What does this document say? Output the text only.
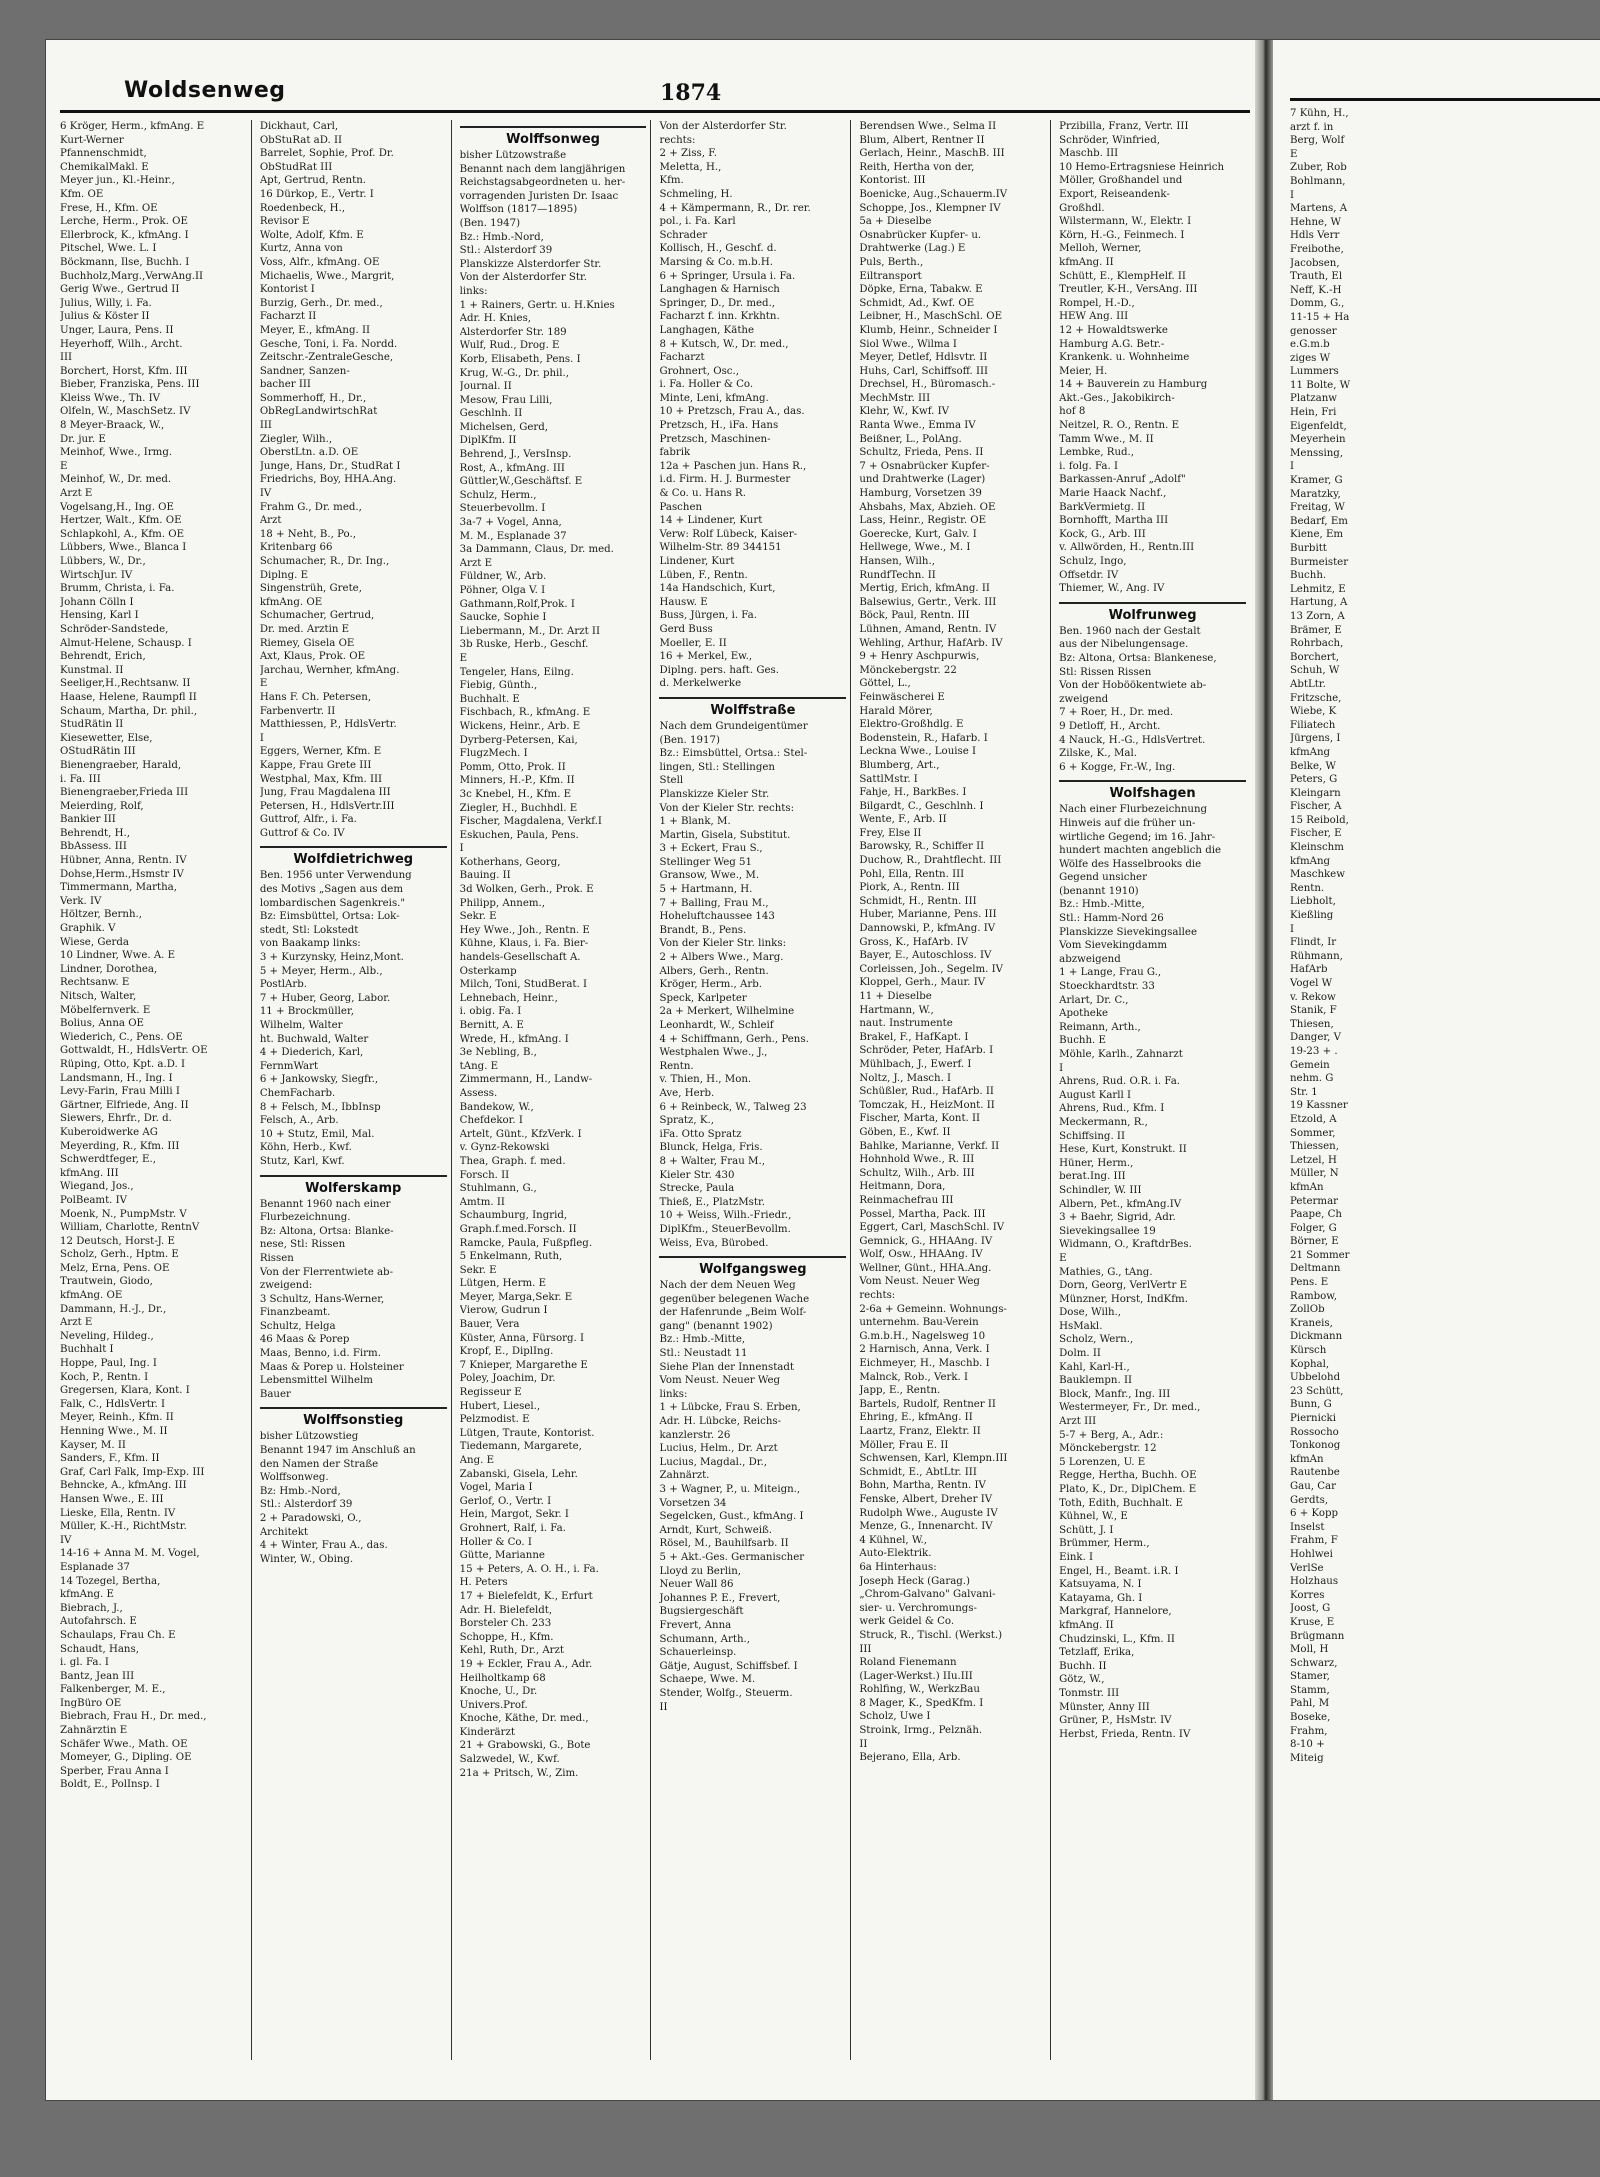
Woldsenweg	1874
6 Kröger, Herm., kfmAng. E
Kurt-Werner
Pfannenschmidt,
ChemikalMakl. E
Meyer jun., Kl.-Heinr.,
Kfm. OE
Frese, H., Kfm. OE
Lerche, Herm., Prok. OE
Ellerbrock, K., kfmAng. I
Pitschel, Wwe. L. I
Böckmann, Ilse, Buchh. I
Buchholz,Marg.,VerwAng.II
Gerig Wwe., Gertrud II
Julius, Willy, i. Fa.
Julius & Köster II
Unger, Laura, Pens. II
Heyerhoff, Wilh., Archt.
III
Borchert, Horst, Kfm. III
Bieber, Franziska, Pens. III
Kleiss Wwe., Th. IV
Olfeln, W., MaschSetz. IV
8 Meyer-Braack, W.,
Dr. jur. E
Meinhof, Wwe., Irmg.
E
Meinhof, W., Dr. med.
Arzt E
Vogelsang,H., Ing. OE
Hertzer, Walt., Kfm. OE
Schlapkohl, A., Kfm. OE
Lübbers, Wwe., Blanca I
Lübbers, W., Dr.,
WirtschJur. IV
Brumm, Christa, i. Fa.
Johann Cölln I
Hensing, Karl I
Schröder-Sandstede,
Almut-Helene, Schausp. I
Behrendt, Erich,
Kunstmal. II
Seeliger,H.,Rechtsanw. II
Haase, Helene, Raumpfl II
Schaum, Martha, Dr. phil.,
StudRätin II
Kiesewetter, Else,
OStudRätin III
Bienengraeber, Harald,
i. Fa. III
Bienengraeber,Frieda III
Meierding, Rolf,
Bankier III
Behrendt, H.,
BbAssess. III
Hübner, Anna, Rentn. IV
Dohse,Herm.,Hsmstr IV
Timmermann, Martha,
Verk. IV
Höltzer, Bernh.,
Graphik. V
Wiese, Gerda
10 Lindner, Wwe. A. E
Lindner, Dorothea,
Rechtsanw. E
Nitsch, Walter,
Möbelfernverk. E
Bolius, Anna OE
Wiederich, C., Pens. OE
Gottwaldt, H., HdlsVertr. OE
Rüping, Otto, Kpt. a.D. I
Landsmann, H., Ing. I
Levy-Farin, Frau Milli I
Gärtner, Elfriede, Ang. II
Siewers, Ehrfr., Dr. d.
Kuberoidwerke AG
Meyerding, R., Kfm. III
Schwerdtfeger, E.,
kfmAng. III
Wiegand, Jos.,
PolBeamt. IV
Moenk, N., PumpMstr. V
William, Charlotte, RentnV
12 Deutsch, Horst-J. E
Scholz, Gerh., Hptm. E
Melz, Erna, Pens. OE
Trautwein, Giodo,
kfmAng. OE
Dammann, H.-J., Dr.,
Arzt E
Neveling, Hildeg.,
Buchhalt I
Hoppe, Paul, Ing. I
Koch, P., Rentn. I
Gregersen, Klara, Kont. I
Falk, C., HdlsVertr. I
Meyer, Reinh., Kfm. II
Henning Wwe., M. II
Kayser, M. II
Sanders, F., Kfm. II
Graf, Carl Falk, Imp-Exp. III
Behncke, A., kfmAng. III
Hansen Wwe., E. III
Lieske, Ella, Rentn. IV
Müller, K.-H., RichtMstr.
IV
14-16 + Anna M. M. Vogel,
Esplanade 37
14 Tozegel, Bertha,
kfmAng. E
Biebrach, J.,
Autofahrsch. E
Schaulaps, Frau Ch. E
Schaudt, Hans,
i. gl. Fa. I
Bantz, Jean III
Falkenberger, M. E.,
IngBüro OE
Biebrach, Frau H., Dr. med.,
Zahnärztin E
Schäfer Wwe., Math. OE
Momeyer, G., Dipling. OE
Sperber, Frau Anna I
Boldt, E., PolInsp. I
Dickhaut, Carl,
ObStuRat aD. II
Barrelet, Sophie, Prof. Dr.
ObStudRat III
Apt, Gertrud, Rentn.
16 Dürkop, E., Vertr. I
Roedenbeck, H.,
Revisor E
Wolte, Adolf, Kfm. E
Kurtz, Anna von
Voss, Alfr., kfmAng. OE
Michaelis, Wwe., Margrit,
Kontorist I
Burzig, Gerh., Dr. med.,
Facharzt II
Meyer, E., kfmAng. II
Gesche, Toni, i. Fa. Nordd.
Zeitschr.-ZentraleGesche,
Sandner, Sanzen-
bacher III
Sommerhoff, H., Dr.,
ObRegLandwirtschRat
III
Ziegler, Wilh.,
OberstLtn. a.D. OE
Junge, Hans, Dr., StudRat I
Friedrichs, Boy, HHA.Ang.
IV
Frahm G., Dr. med.,
Arzt
18 + Neht, B., Po.,
Kritenbarg 66
Schumacher, R., Dr. Ing.,
Diplng. E
Singenstrüh, Grete,
kfmAng. OE
Schumacher, Gertrud,
Dr. med. Arztin E
Riemey, Gisela OE
Axt, Klaus, Prok. OE
Jarchau, Wernher, kfmAng.
E
Hans F. Ch. Petersen,
Farbenvertr. II
Matthiessen, P., HdlsVertr.
I
Eggers, Werner, Kfm. E
Kappe, Frau Grete III
Westphal, Max, Kfm. III
Jung, Frau Magdalena III
Petersen, H., HdlsVertr.III
Guttrof, Alfr., i. Fa.
Guttrof & Co. IV
Wolfdietrichweg
Ben. 1956 unter Verwendung
des Motivs „Sagen aus dem
lombardischen Sagenkreis."
Bz: Eimsbüttel, Ortsa: Lok-
stedt, Stl: Lokstedt
von Baakamp links:
3 + Kurzynsky, Heinz,Mont.
5 + Meyer, Herm., Alb.,
PostlArb.
7 + Huber, Georg, Labor.
11 + Brockmüller,
Wilhelm, Walter
ht. Buchwald, Walter
4 + Diederich, Karl,
FernmWart
6 + Jankowsky, Siegfr.,
ChemFacharb.
8 + Felsch, M., IbbInsp
Felsch, A., Arb.
10 + Stutz, Emil, Mal.
Köhn, Herb., Kwf.
Stutz, Karl, Kwf.
Wolferskamp
Benannt 1960 nach einer
Flurbezeichnung.
Bz: Altona, Ortsa: Blanke-
nese, Stl: Rissen
Rissen
Von der Flerrentwiete ab-
zweigend:
3 Schultz, Hans-Werner,
Finanzbeamt.
Schultz, Helga
46 Maas & Porep
Maas, Benno, i.d. Firm.
Maas & Porep u. Holsteiner
Lebensmittel Wilhelm
Bauer
Wolffsonstieg
bisher Lützowstieg
Benannt 1947 im Anschluß an
den Namen der Straße
Wolffsonweg.
Bz: Hmb.-Nord,
Stl.: Alsterdorf 39
2 + Paradowski, O.,
Architekt
4 + Winter, Frau A., das.
Winter, W., Obing.
Wolffsonweg
bisher Lützowstraße
Benannt nach dem langjährigen
Reichstagsabgeordneten u. her-
vorragenden Juristen Dr. Isaac
Wolffson (1817—1895)
(Ben. 1947)
Bz.: Hmb.-Nord,
Stl.: Alsterdorf 39
Planskizze Alsterdorfer Str.
Von der Alsterdorfer Str.
links:
1 + Rainers, Gertr. u. H.Knies
Adr. H. Knies,
Alsterdorfer Str. 189
Wulf, Rud., Drog. E
Korb, Elisabeth, Pens. I
Krug, W.-G., Dr. phil.,
Journal. II
Mesow, Frau Lilli,
Geschlnh. II
Michelsen, Gerd,
DiplKfm. II
Behrend, J., VersInsp.
Rost, A., kfmAng. III
Güttler,W.,Geschäftsf. E
Schulz, Herm.,
Steuerbevollm. I
3a-7 + Vogel, Anna,
M. M., Esplanade 37
3a Dammann, Claus, Dr. med.
Arzt E
Füldner, W., Arb.
Pöhner, Olga V. I
Gathmann,Rolf,Prok. I
Saucke, Sophie I
Liebermann, M., Dr. Arzt II
3b Ruske, Herb., Geschf.
E
Tengeler, Hans, Eilng.
Fiebig, Günth.,
Buchhalt. E
Fischbach, R., kfmAng. E
Wickens, Heinr., Arb. E
Dyrberg-Petersen, Kai,
FlugzMech. I
Pomm, Otto, Prok. II
Minners, H.-P., Kfm. II
3c Knebel, H., Kfm. E
Ziegler, H., Buchhdl. E
Fischer, Magdalena, Verkf.I
Eskuchen, Paula, Pens.
I
Kotherhans, Georg,
Bauing. II
3d Wolken, Gerh., Prok. E
Philipp, Annem.,
Sekr. E
Hey Wwe., Joh., Rentn. E
Kühne, Klaus, i. Fa. Bier-
handels-Gesellschaft A.
Osterkamp
Milch, Toni, StudBerat. I
Lehnebach, Heinr.,
i. obig. Fa. I
Bernitt, A. E
Wrede, H., kfmAng. I
3e Nebling, B.,
tAng. E
Zimmermann, H., Landw-
Assess.
Bandekow, W.,
Chefdekor. I
Artelt, Günt., KfzVerk. I
v. Gynz-Rekowski
Thea, Graph. f. med.
Forsch. II
Stuhlmann, G.,
Amtm. II
Schaumburg, Ingrid,
Graph.f.med.Forsch. II
Ramcke, Paula, Fußpfleg.
5 Enkelmann, Ruth,
Sekr. E
Lütgen, Herm. E
Meyer, Marga,Sekr. E
Vierow, Gudrun I
Bauer, Vera
Küster, Anna, Fürsorg. I
Kropf, E., DiplIng.
7 Knieper, Margarethe E
Poley, Joachim, Dr.
Regisseur E
Hubert, Liesel.,
Pelzmodist. E
Lütgen, Traute, Kontorist.
Tiedemann, Margarete,
Ang. E
Zabanski, Gisela, Lehr.
Vogel, Maria I
Gerlof, O., Vertr. I
Hein, Margot, Sekr. I
Grohnert, Ralf, i. Fa.
Holler & Co. I
Gütte, Marianne
15 + Peters, A. O. H., i. Fa.
H. Peters
17 + Bielefeldt, K., Erfurt
Adr. H. Bielefeldt,
Borsteler Ch. 233
Schoppe, H., Kfm.
Kehl, Ruth, Dr., Arzt
19 + Eckler, Frau A., Adr.
Heilholtkamp 68
Knoche, U., Dr.
Univers.Prof.
Knoche, Käthe, Dr. med.,
Kinderärzt
21 + Grabowski, G., Bote
Salzwedel, W., Kwf.
21a + Pritsch, W., Zim.
Von der Alsterdorfer Str.
rechts:
2 + Ziss, F.
Meletta, H.,
Kfm.
Schmeling, H.
4 + Kämpermann, R., Dr. rer.
pol., i. Fa. Karl
Schrader
Kollisch, H., Geschf. d.
Marsing & Co. m.b.H.
6 + Springer, Ursula i. Fa.
Langhagen & Harnisch
Springer, D., Dr. med.,
Facharzt f. inn. Krkhtn.
Langhagen, Käthe
8 + Kutsch, W., Dr. med.,
Facharzt
Grohnert, Osc.,
i. Fa. Holler & Co.
Minte, Leni, kfmAng.
10 + Pretzsch, Frau A., das.
Pretzsch, H., iFa. Hans
Pretzsch, Maschinen-
fabrik
12a + Paschen jun. Hans R.,
i.d. Firm. H. J. Burmester
& Co. u. Hans R.
Paschen
14 + Lindener, Kurt
Verw: Rolf Lübeck, Kaiser-
Wilhelm-Str. 89 344151
Lindener, Kurt
Lüben, F., Rentn.
14a Handschich, Kurt,
Hausw. E
Buss, Jürgen, i. Fa.
Gerd Buss
Moeller, E. II
16 + Merkel, Ew.,
Diplng. pers. haft. Ges.
d. Merkelwerke
Wolffstraße
Nach dem Grundeigentümer
(Ben. 1917)
Bz.: Eimsbüttel, Ortsa.: Stel-
lingen, Stl.: Stellingen
Stell
Planskizze Kieler Str.
Von der Kieler Str. rechts:
1 + Blank, M.
Martin, Gisela, Substitut.
3 + Eckert, Frau S.,
Stellinger Weg 51
Gransow, Wwe., M.
5 + Hartmann, H.
7 + Balling, Frau M.,
Hoheluftchaussee 143
Brandt, B., Pens.
Von der Kieler Str. links:
2 + Albers Wwe., Marg.
Albers, Gerh., Rentn.
Kröger, Herm., Arb.
Speck, Karlpeter
2a + Merkert, Wilhelmine
Leonhardt, W., Schleif
4 + Schiffmann, Gerh., Pens.
Westphalen Wwe., J.,
Rentn.
v. Thien, H., Mon.
Ave, Herb.
6 + Reinbeck, W., Talweg 23
Spratz, K.,
iFa. Otto Spratz
Blunck, Helga, Fris.
8 + Walter, Frau M.,
Kieler Str. 430
Strecke, Paula
Thieß, E., PlatzMstr.
10 + Weiss, Wilh.-Friedr.,
DiplKfm., SteuerBevollm.
Weiss, Eva, Bürobed.
Wolfgangsweg
Nach der dem Neuen Weg
gegenüber belegenen Wache
der Hafenrunde „Beim Wolf-
gang" (benannt 1902)
Bz.: Hmb.-Mitte,
Stl.: Neustadt 11
Siehe Plan der Innenstadt
Vom Neust. Neuer Weg
links:
1 + Lübcke, Frau S. Erben,
Adr. H. Lübcke, Reichs-
kanzlerstr. 26
Lucius, Helm., Dr. Arzt
Lucius, Magdal., Dr.,
Zahnärzt.
3 + Wagner, P., u. Miteign.,
Vorsetzen 34
Segelcken, Gust., kfmAng. I
Arndt, Kurt, Schweiß.
Rösel, M., Bauhilfsarb. II
5 + Akt.-Ges. Germanischer
Lloyd zu Berlin,
Neuer Wall 86
Johannes P. E., Frevert,
Bugsiergeschäft
Frevert, Anna
Schumann, Arth.,
Schauerleinsp.
Gätje, August, Schiffsbef. I
Schaepe, Wwe. M.
Stender, Wolfg., Steuerm.
II
Berendsen Wwe., Selma II
Blum, Albert, Rentner II
Gerlach, Heinr., MaschB. III
Reith, Hertha von der,
Kontorist. III
Boenicke, Aug.,Schauerm.IV
Schoppe, Jos., Klempner IV
5a + Dieselbe
Osnabrücker Kupfer- u.
Drahtwerke (Lag.) E
Puls, Berth.,
Eiltransport
Döpke, Erna, Tabakw. E
Schmidt, Ad., Kwf. OE
Leibner, H., MaschSchl. OE
Klumb, Heinr., Schneider I
Siol Wwe., Wilma I
Meyer, Detlef, Hdlsvtr. II
Huhs, Carl, Schiffsoff. III
Drechsel, H., Büromasch.-
MechMstr. III
Klehr, W., Kwf. IV
Ranta Wwe., Emma IV
Beißner, L., PolAng.
Schultz, Frieda, Pens. II
7 + Osnabrücker Kupfer-
und Drahtwerke (Lager)
Hamburg, Vorsetzen 39
Ahsbahs, Max, Abzieh. OE
Lass, Heinr., Registr. OE
Goerecke, Kurt, Galv. I
Hellwege, Wwe., M. I
Hansen, Wilh.,
RundfTechn. II
Mertig, Erich, kfmAng. II
Balsewius, Gertr., Verk. III
Böck, Paul, Rentn. III
Lühnen, Amand, Rentn. IV
Wehling, Arthur, HafArb. IV
9 + Henry Aschpurwis,
Mönckebergstr. 22
Göttel, L.,
Feinwäscherei E
Harald Mörer,
Elektro-Großhdlg. E
Bodenstein, R., Hafarb. I
Leckna Wwe., Louise I
Blumberg, Art.,
SattlMstr. I
Fahje, H., BarkBes. I
Bilgardt, C., Geschlnh. I
Wente, F., Arb. II
Frey, Else II
Barowsky, R., Schiffer II
Duchow, R., Drahtflecht. III
Pohl, Ella, Rentn. III
Piork, A., Rentn. III
Schmidt, H., Rentn. III
Huber, Marianne, Pens. III
Dannowski, P., kfmAng. IV
Gross, K., HafArb. IV
Bayer, E., Autoschloss. IV
Corleissen, Joh., Segelm. IV
Kloppel, Gerh., Maur. IV
11 + Dieselbe
Hartmann, W.,
naut. Instrumente
Brakel, F., HafKapt. I
Schröder, Peter, HafArb. I
Mühlbach, J., Ewerf. I
Noltz, J., Masch. I
Schüßler, Rud., HafArb. II
Tomczak, H., HeizMont. II
Fischer, Marta, Kont. II
Göben, E., Kwf. II
Bahlke, Marianne, Verkf. II
Hohnhold Wwe., R. III
Schultz, Wilh., Arb. III
Heitmann, Dora,
Reinmachefrau III
Possel, Martha, Pack. III
Eggert, Carl, MaschSchl. IV
Gemnick, G., HHAAng. IV
Wolf, Osw., HHAAng. IV
Wellner, Günt., HHA.Ang.
Vom Neust. Neuer Weg
rechts:
2-6a + Gemeinn. Wohnungs-
unternehm. Bau-Verein
G.m.b.H., Nagelsweg 10
2 Harnisch, Anna, Verk. I
Eichmeyer, H., Maschb. I
Malnck, Rob., Verk. I
Japp, E., Rentn.
Bartels, Rudolf, Rentner II
Ehring, E., kfmAng. II
Laartz, Franz, Elektr. II
Möller, Frau E. II
Schwensen, Karl, Klempn.III
Schmidt, E., AbtLtr. III
Bohn, Martha, Rentn. IV
Fenske, Albert, Dreher IV
Rudolph Wwe., Auguste IV
Menze, G., Innenarcht. IV
4 Kühnel, W.,
Auto-Elektrik.
6a Hinterhaus:
Joseph Heck (Garag.)
„Chrom-Galvano" Galvani-
sier- u. Verchromungs-
werk Geidel & Co.
Struck, R., Tischl. (Werkst.)
III
Roland Fienemann
(Lager-Werkst.) IIu.III
Rohlfing, W., WerkzBau
8 Mager, K., SpedKfm. I
Scholz, Uwe I
Stroink, Irmg., Pelznäh.
II
Bejerano, Ella, Arb.
Przibilla, Franz, Vertr. III
Schröder, Winfried,
Maschb. III
10 Hemo-Ertragsniese Heinrich
Möller, Großhandel und
Export, Reiseandenk-
Großhdl.
Wilstermann, W., Elektr. I
Körn, H.-G., Feinmech. I
Melloh, Werner,
kfmAng. II
Schütt, E., KlempHelf. II
Treutler, K-H., VersAng. III
Rompel, H.-D.,
HEW Ang. III
12 + Howaldtswerke
Hamburg A.G. Betr.-
Krankenk. u. Wohnheime
Meier, H.
14 + Bauverein zu Hamburg
Akt.-Ges., Jakobikirch-
hof 8
Neitzel, R. O., Rentn. E
Tamm Wwe., M. II
Lembke, Rud.,
i. folg. Fa. I
Barkassen-Anruf „Adolf"
Marie Haack Nachf.,
BarkVermietg. II
Bornhofft, Martha III
Kock, G., Arb. III
v. Allwörden, H., Rentn.III
Schulz, Ingo,
Offsetdr. IV
Thiemer, W., Ang. IV
Wolfrunweg
Ben. 1960 nach der Gestalt
aus der Nibelungensage.
Bz: Altona, Ortsa: Blankenese,
Stl: Rissen Rissen
Von der Hoböökentwiete ab-
zweigend
7 + Roer, H., Dr. med.
9 Detloff, H., Archt.
4 Nauck, H.-G., HdlsVertret.
Zilske, K., Mal.
6 + Kogge, Fr.-W., Ing.
Wolfshagen
Nach einer Flurbezeichnung
Hinweis auf die früher un-
wirtliche Gegend; im 16. Jahr-
hundert machten angeblich die
Wölfe des Hasselbrooks die
Gegend unsicher
(benannt 1910)
Bz.: Hmb.-Mitte,
Stl.: Hamm-Nord 26
Planskizze Sievekingsallee
Vom Sievekingdamm
abzweigend
1 + Lange, Frau G.,
Stoeckhardtstr. 33
Arlart, Dr. C.,
Apotheke
Reimann, Arth.,
Buchh. E
Möhle, Karlh., Zahnarzt
I
Ahrens, Rud. O.R. i. Fa.
August Karll I
Ahrens, Rud., Kfm. I
Meckermann, R.,
Schiffsing. II
Hese, Kurt, Konstrukt. II
Hüner, Herm.,
berat.Ing. III
Schindler, W. III
Albern, Pet., kfmAng.IV
3 + Baehr, Sigrid, Adr.
Sievekingsallee 19
Widmann, O., KraftdrBes.
E
Mathies, G., tAng.
Dorn, Georg, VerlVertr E
Münzner, Horst, IndKfm.
Dose, Wilh.,
HsMakl.
Scholz, Wern.,
Dolm. II
Kahl, Karl-H.,
Bauklempn. II
Block, Manfr., Ing. III
Westermeyer, Fr., Dr. med.,
Arzt III
5-7 + Berg, A., Adr.:
Mönckebergstr. 12
5 Lorenzen, U. E
Regge, Hertha, Buchh. OE
Plato, K., Dr., DiplChem. E
Toth, Edith, Buchhalt. E
Kühnel, W., E
Schütt, J. I
Brümmer, Herm.,
Eink. I
Engel, H., Beamt. i.R. I
Katsuyama, N. I
Katayama, Gh. I
Markgraf, Hannelore,
kfmAng. II
Chudzinski, L., Kfm. II
Tetzlaff, Erika,
Buchh. II
Götz, W.,
Tonmstr. III
Münster, Anny III
Grüner, P., HsMstr. IV
Herbst, Frieda, Rentn. IV
7 Kühn, H.,
arzt f. in
Berg, Wolf
E
Zuber, Rob
Bohlmann,
I
Martens, A
Hehne, W
Hdls Verr
Freibothe,
Jacobsen,
Trauth, El
Neff, K.-H
Domm, G.,
11-15 + Ha
genosser
e.G.m.b
ziges W
Lummers
11 Bolte, W
Platzanw
Hein, Fri
Eigenfeldt,
Meyerhein
Menssing,
I
Kramer, G
Maratzky,
Freitag, W
Bedarf, Em
Kiene, Em
Burbitt
Burmeister
Buchh.
Lehmitz, E
Hartung, A
13 Zorn, A
Brämer, E
Rohrbach,
Borchert,
Schuh, W
AbtLtr.
Fritzsche,
Wiebe, K
Filiatech
Jürgens, I
kfmAng
Belke, W
Peters, G
Kleingarn
Fischer, A
15 Reibold,
Fischer, E
Kleinschm
kfmAng
Maschkew
Rentn.
Liebholt,
Kießling
I
Flindt, Ir
Rühmann,
HafArb
Vogel W
v. Rekow
Stanik, F
Thiesen,
Danger, V
19-23 + .
Gemein
nehm. G
Str. 1
19 Kassner
Etzold, A
Sommer,
Thiessen,
Letzel, H
Müller, N
kfmAn
Petermar
Paape, Ch
Folger, G
Börner, E
21 Sommer
Deltmann
Pens. E
Rambow,
ZollOb
Kraneis,
Dickmann
Kürsch
Kophal,
Ubbelohd
23 Schütt,
Bunn, G
Piernicki
Rossocho
Tonkonog
kfmAn
Rautenbe
Gau, Car
Gerdts,
6 + Kopp
Inselst
Frahm, F
Hohlwei
VerlSe
Holzhaus
Korres
Joost, G
Kruse, E
Brügmann
Moll, H
Schwarz,
Stamer,
Stamm,
Pahl, M
Boseke,
Frahm,
8-10 +
Miteig
